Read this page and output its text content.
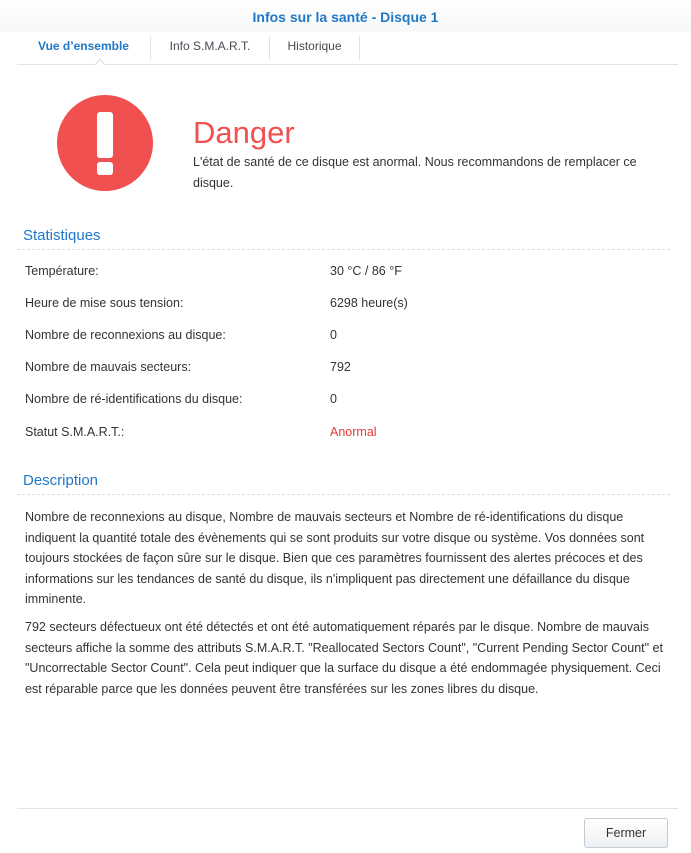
Infos sur la santé - Disque 1
Vue d’ensemble	Info S.M.A.R.T.	Historique
Danger
L'état de santé de ce disque est anormal. Nous recommandons de remplacer ce disque.
Statistiques
Température:	30 °C / 86 °F
Heure de mise sous tension:	6298 heure(s)
Nombre de reconnexions au disque:	0
Nombre de mauvais secteurs:	792
Nombre de ré-identifications du disque:	0
Statut S.M.A.R.T.:	Anormal
Description
Nombre de reconnexions au disque, Nombre de mauvais secteurs et Nombre de ré-identifications du disque indiquent la quantité totale des évènements qui se sont produits sur votre disque ou système. Vos données sont toujours stockées de façon sûre sur le disque. Bien que ces paramètres fournissent des alertes précoces et des informations sur les tendances de santé du disque, ils n'impliquent pas directement une défaillance du disque imminente.
792 secteurs défectueux ont été détectés et ont été automatiquement réparés par le disque. Nombre de mauvais secteurs affiche la somme des attributs S.M.A.R.T. "Reallocated Sectors Count", "Current Pending Sector Count" et "Uncorrectable Sector Count". Cela peut indiquer que la surface du disque a été endommagée physiquement. Ceci est réparable parce que les données peuvent être transférées sur les zones libres du disque.
Fermer
